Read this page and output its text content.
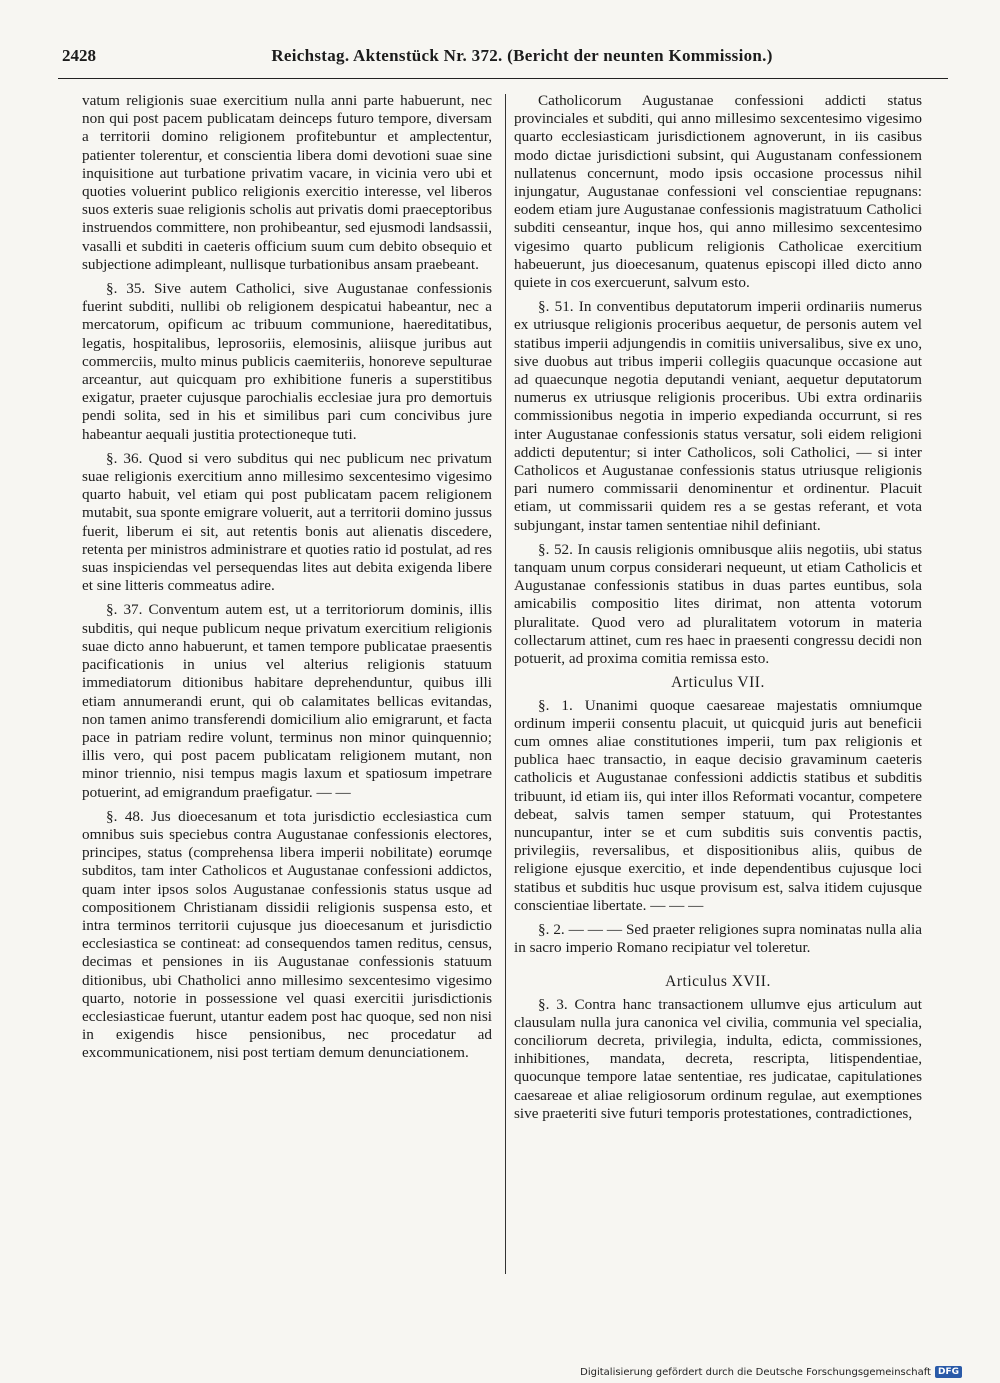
2428	Reichstag. Aktenstück Nr. 372. (Bericht der neunten Kommission.)

vatum religionis suae exercitium nulla anni parte habuerunt, nec non qui post pacem publicatam deinceps futuro tempore, diversam a territorii domino religionem profitebuntur et amplectentur, patienter tolerentur, et conscientia libera domi devotioni suae sine inquisitione aut turbatione privatim vacare, in vicinia vero ubi et quoties voluerint publico religionis exercitio interesse, vel liberos suos exteris suae religionis scholis aut privatis domi praeceptoribus instruendos committere, non prohibeantur, sed ejusmodi landsassii, vasalli et subditi in caeteris officium suum cum debito obsequio et subjectione adimpleant, nullisque turbationibus ansam praebeant.

§. 35. Sive autem Catholici, sive Augustanae confessionis fuerint subditi, nullibi ob religionem despicatui habeantur, nec a mercatorum, opificum ac tribuum communione, haereditatibus, legatis, hospitalibus, leprosoriis, elemosinis, aliisque juribus aut commerciis, multo minus publicis caemiteriis, honoreve sepulturae arceantur, aut quicquam pro exhibitione funeris a superstitibus exigatur, praeter cujusque parochialis ecclesiae jura pro demortuis pendi solita, sed in his et similibus pari cum concivibus jure habeantur aequali justitia protectioneque tuti.

§. 36. Quod si vero subditus qui nec publicum nec privatum suae religionis exercitium anno millesimo sexcentesimo vigesimo quarto habuit, vel etiam qui post publicatam pacem religionem mutabit, sua sponte emigrare voluerit, aut a territorii domino jussus fuerit, liberum ei sit, aut retentis bonis aut alienatis discedere, retenta per ministros administrare et quoties ratio id postulat, ad res suas inspiciendas vel persequendas lites aut debita exigenda libere et sine litteris commeatus adire.

§. 37. Conventum autem est, ut a territoriorum dominis, illis subditis, qui neque publicum neque privatum exercitium religionis suae dicto anno habuerunt, et tamen tempore publicatae praesentis pacificationis in unius vel alterius religionis statuum immediatorum ditionibus habitare deprehenduntur, quibus illi etiam annumerandi erunt, qui ob calamitates bellicas evitandas, non tamen animo transferendi domicilium alio emigrarunt, et facta pace in patriam redire volunt, terminus non minor quinquennio; illis vero, qui post pacem publicatam religionem mutant, non minor triennio, nisi tempus magis laxum et spatiosum impetrare potuerint, ad emigrandum praefigatur. — —

§. 48. Jus dioecesanum et tota jurisdictio ecclesiastica cum omnibus suis speciebus contra Augustanae confessionis electores, principes, status (comprehensa libera imperii nobilitate) eorumqe subditos, tam inter Catholicos et Augustanae confessioni addictos, quam inter ipsos solos Augustanae confessionis status usque ad compositionem Christianam dissidii religionis suspensa esto, et intra terminos territorii cujusque jus dioecesanum et jurisdictio ecclesiastica se contineat: ad consequendos tamen reditus, census, decimas et pensiones in iis Augustanae confessionis statuum ditionibus, ubi Chatholici anno millesimo sexcentesimo vigesimo quarto, notorie in possessione vel quasi exercitii jurisdictionis ecclesiasticae fuerunt, utantur eadem post hac quoque, sed non nisi in exigendis hisce pensionibus, nec procedatur ad excommunicationem, nisi post tertiam demum denunciationem.

Catholicorum Augustanae confessioni addicti status provinciales et subditi, qui anno millesimo sexcentesimo vigesimo quarto ecclesiasticam jurisdictionem agnoverunt, in iis casibus modo dictae jurisdictioni subsint, qui Augustanam confessionem nullatenus concernunt, modo ipsis occasione processus nihil injungatur, Augustanae confessioni vel conscientiae repugnans: eodem etiam jure Augustanae confessionis magistratuum Catholici subditi censeantur, inque hos, qui anno millesimo sexcentesimo vigesimo quarto publicum religionis Catholicae exercitium habeuerunt, jus dioecesanum, quatenus episcopi illed dicto anno quiete in cos exercuerunt, salvum esto.

§. 51. In conventibus deputatorum imperii ordinariis numerus ex utriusque religionis proceribus aequetur, de personis autem vel statibus imperii adjungendis in comitiis universalibus, sive ex uno, sive duobus aut tribus imperii collegiis quacunque occasione aut ad quaecunque negotia deputandi veniant, aequetur deputatorum numerus ex utriusque religionis proceribus. Ubi extra ordinariis commissionibus negotia in imperio expedianda occurrunt, si res inter Augustanae confessionis status versatur, soli eidem religioni addicti deputentur; si inter Catholicos, soli Catholici, — si inter Catholicos et Augustanae confessionis status utriusque religionis pari numero commissarii denominentur et ordinentur. Placuit etiam, ut commissarii quidem res a se gestas referant, et vota subjungant, instar tamen sententiae nihil definiant.

§. 52. In causis religionis omnibusque aliis negotiis, ubi status tanquam unum corpus considerari nequeunt, ut etiam Catholicis et Augustanae confessionis statibus in duas partes euntibus, sola amicabilis compositio lites dirimat, non attenta votorum pluralitate. Quod vero ad pluralitatem votorum in materia collectarum attinet, cum res haec in praesenti congressu decidi non potuerit, ad proxima comitia remissa esto.

Articulus VII.

§. 1. Unanimi quoque caesareae majestatis omniumque ordinum imperii consentu placuit, ut quicquid juris aut beneficii cum omnes aliae constitutiones imperii, tum pax religionis et publica haec transactio, in eaque decisio gravaminum caeteris catholicis et Augustanae confessioni addictis statibus et subditis tribuunt, id etiam iis, qui inter illos Reformati vocantur, competere debeat, salvis tamen semper statuum, qui Protestantes nuncupantur, inter se et cum subditis suis conventis pactis, privilegiis, reversalibus, et dispositionibus aliis, quibus de religione ejusque exercitio, et inde dependentibus cujusque loci statibus et subditis huc usque provisum est, salva itidem cujusque conscientiae libertate. — — —

§. 2. — — — Sed praeter religiones supra nominatas nulla alia in sacro imperio Romano recipiatur vel toleretur.

Articulus XVII.

§. 3. Contra hanc transactionem ullumve ejus articulum aut clausulam nulla jura canonica vel civilia, communia vel specialia, conciliorum decreta, privilegia, indulta, edicta, commissiones, inhibitiones, mandata, decreta, rescripta, litispendentiae, quocunque tempore latae sententiae, res judicatae, capitulationes caesareae et aliae religiosorum ordinum regulae, aut exemptiones sive praeteriti sive futuri temporis protestationes, contradictiones,

Digitalisierung gefördert durch die Deutsche Forschungsgemeinschaft DFG
